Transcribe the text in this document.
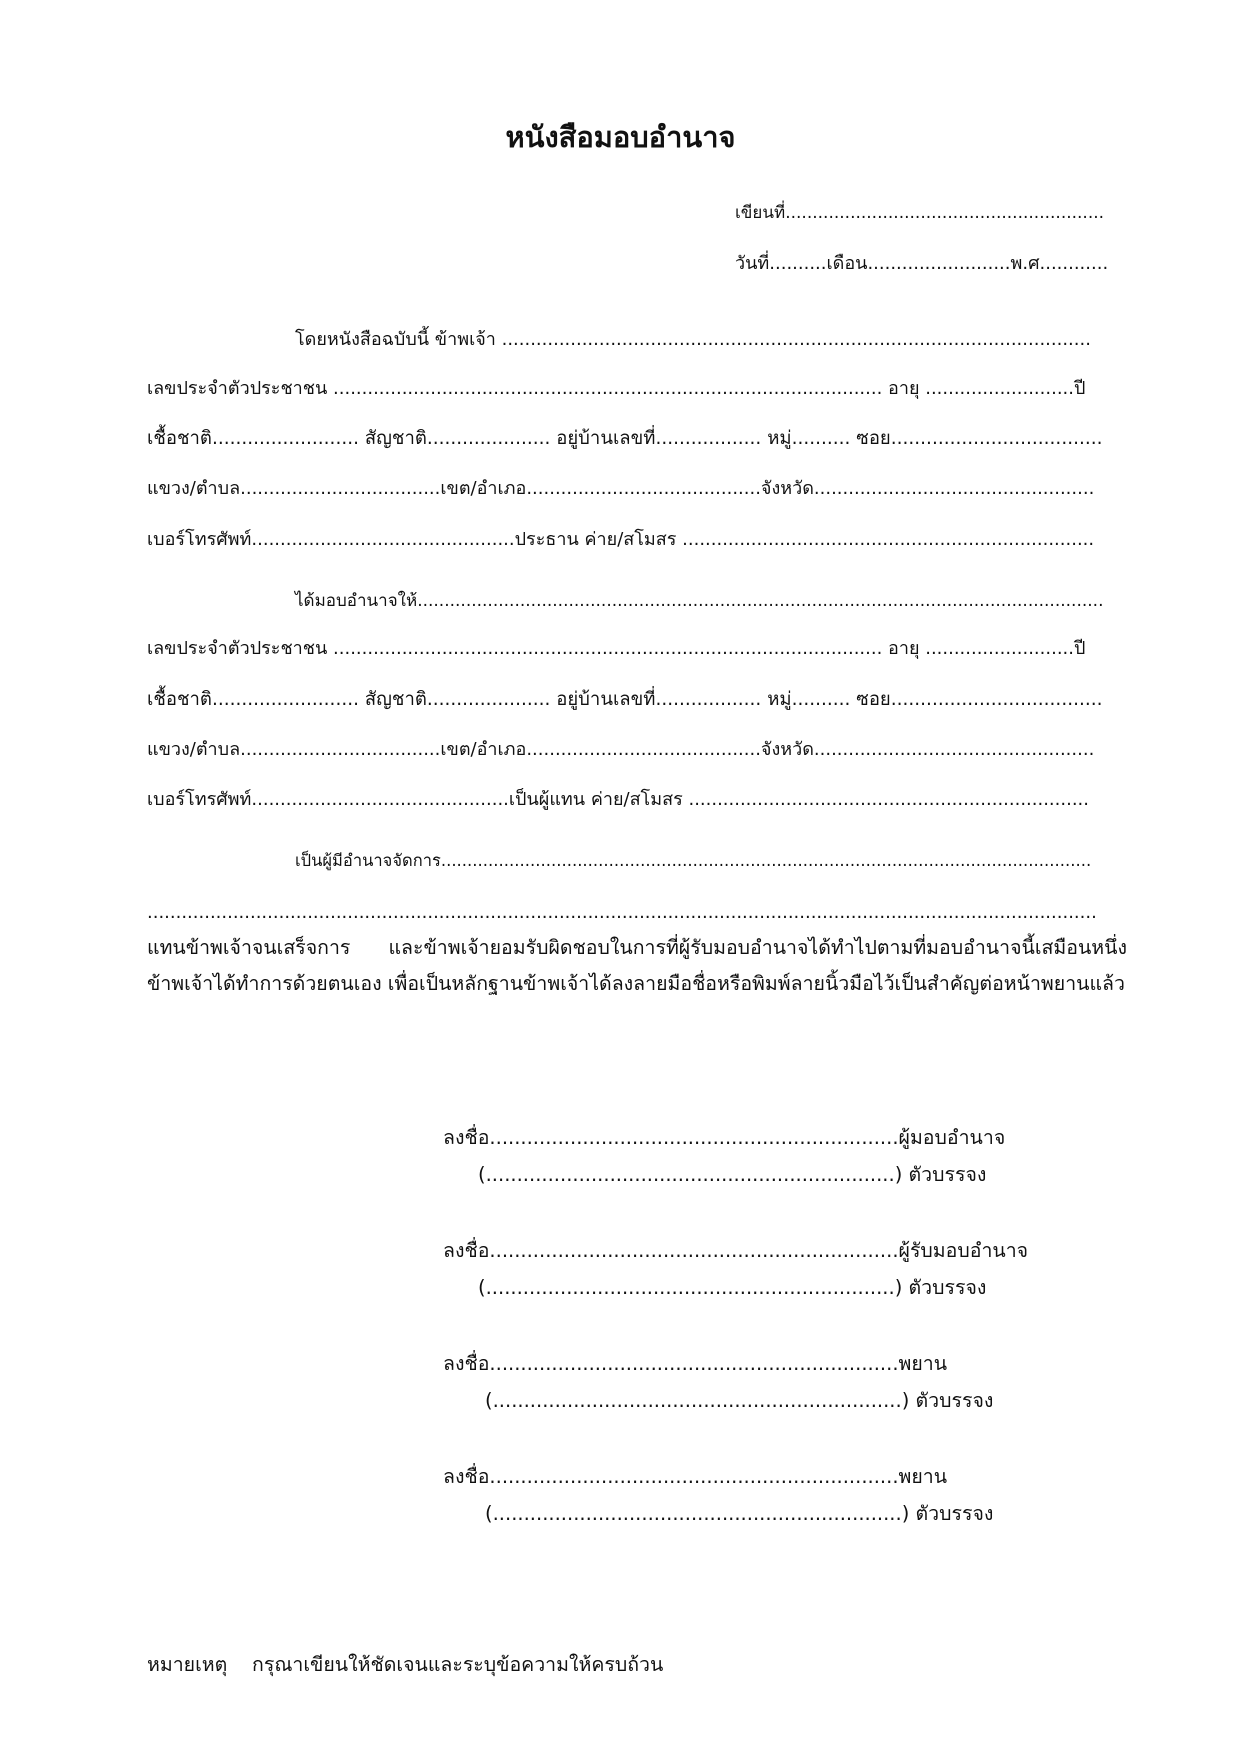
หนังสือมอบอำนาจ
เขียนที่...........................................................
วันที่..........เดือน.........................พ.ศ............
โดยหนังสือฉบับนี้ ข้าพเจ้า .......................................................................................................
เลขประจำตัวประชาชน ................................................................................................ อายุ ..........................ปี
เชื้อชาติ......................... สัญชาติ..................... อยู่บ้านเลขที่.................. หมู่.......... ซอย....................................
แขวง/ตำบล...................................เขต/อำเภอ.........................................จังหวัด.................................................
เบอร์โทรศัพท์..............................................ประธาน ค่าย/สโมสร ........................................................................
ได้มอบอำนาจให้...............................................................................................................................
เลขประจำตัวประชาชน ................................................................................................ อายุ ..........................ปี
เชื้อชาติ......................... สัญชาติ..................... อยู่บ้านเลขที่.................. หมู่.......... ซอย....................................
แขวง/ตำบล...................................เขต/อำเภอ.........................................จังหวัด.................................................
เบอร์โทรศัพท์.............................................เป็นผู้แทน ค่าย/สโมสร ......................................................................
เป็นผู้มีอำนาจจัดการ............................................................................................................................
......................................................................................................................................................................

แทนข้าพเจ้าจนเสร็จการ และข้าพเจ้ายอมรับผิดชอบในการที่ผู้รับมอบอำนาจได้ทำไปตามที่มอบอำนาจนี้เสมือนหนึ่งข้าพเจ้าได้ทำการด้วยตนเอง เพื่อเป็นหลักฐานข้าพเจ้าได้ลงลายมือชื่อหรือพิมพ์ลายนิ้วมือไว้เป็นสำคัญต่อหน้าพยานแล้ว

ลงชื่อ..................................................................ผู้มอบอำนาจ
(..................................................................) ตัวบรรจง
ลงชื่อ..................................................................ผู้รับมอบอำนาจ
(..................................................................) ตัวบรรจง
ลงชื่อ..................................................................พยาน
(..................................................................) ตัวบรรจง
ลงชื่อ..................................................................พยาน
(..................................................................) ตัวบรรจง
หมายเหตุ    กรุณาเขียนให้ชัดเจนและระบุข้อความให้ครบถ้วน
